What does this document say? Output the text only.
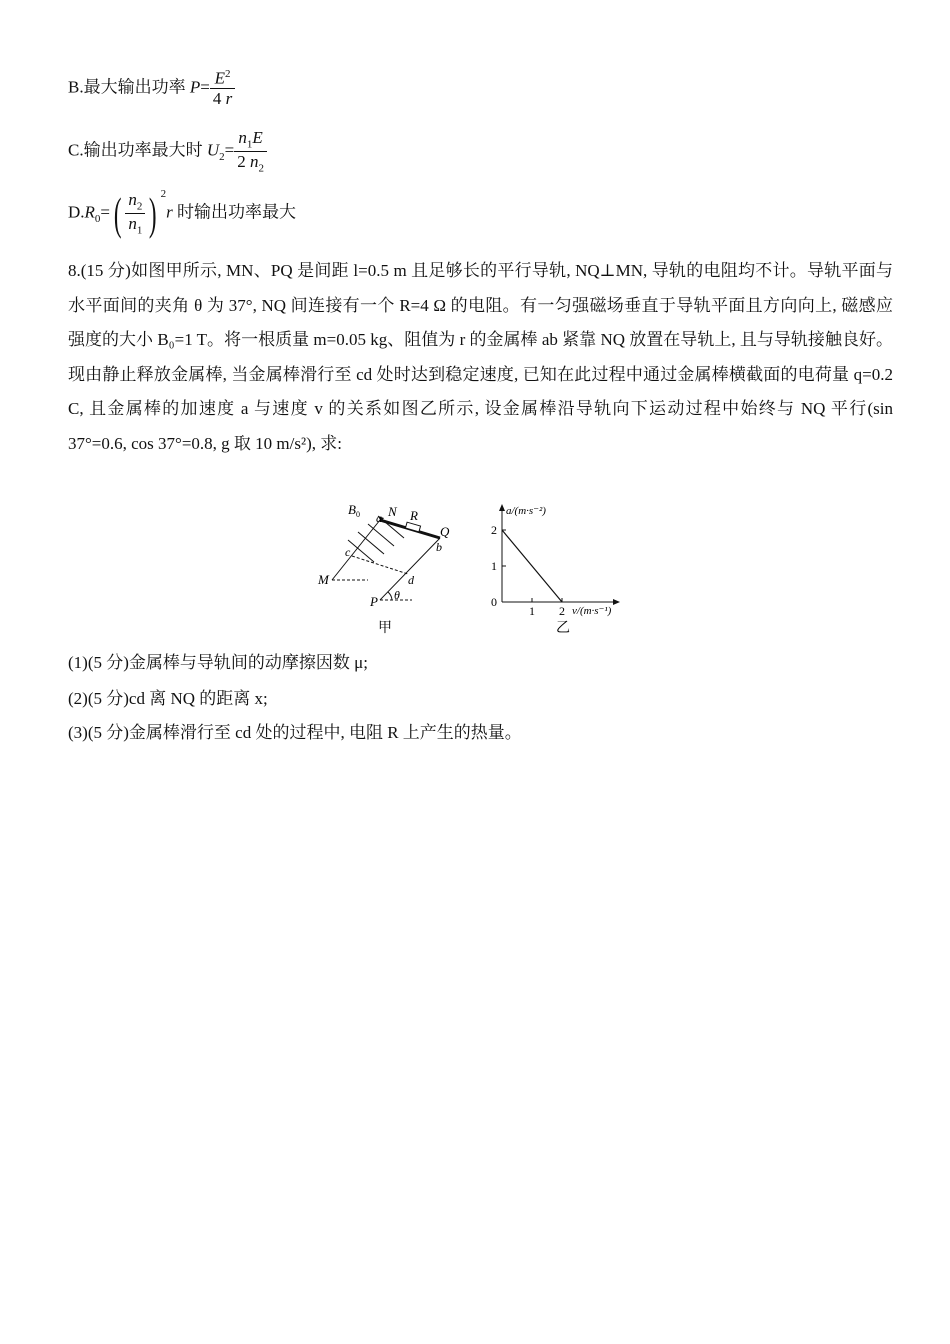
B.最大输出功率 $P= \frac{E^2}{4 r}$
C.输出功率最大时 $U_2= \frac{n_1E}{2 n_2}$
$D.R_0=( \frac{n_2}{n_1}$ ) $^2$r 时输出功率最大
8.(15 分)如图甲所示, MN、PQ 是间距 l=0.5 m 且足够长的平行导轨, NQ⊥MN, 导轨的电阻均不计。导轨平面与水平面间的夹角 θ 为 37°, NQ 间连接有一个 R=4 Ω 的电阻。有一匀强磁场垂直于导轨平面且方向向上, 磁感应强度的大小 B₀=1 T。将一根质量 m=0.05 kg、阻值为 r 的金属棒 ab 紧靠 NQ 放置在导轨上, 且与导轨接触良好。现由静止释放金属棒, 当金属棒滑行至 cd 处时达到稳定速度, 已知在此过程中通过金属棒横截面的电荷量 q=0.2 C, 且金属棒的加速度 a 与速度 v 的关系如图乙所示, 设金属棒沿导轨向下运动过程中始终与 NQ 平行(sin 37°=0.6, cos 37°=0.8, g 取 10 m/s²), 求:
$B_0$ a N R
Q
b
c
M	d
P θ
甲
a/(m·s⁻²)
v/(m·s⁻¹)
0
1
2
1 2
乙
(1)(5 分)金属棒与导轨间的动摩擦因数 μ;
(2)(5 分)cd 离 NQ 的距离 x;
(3)(5 分)金属棒滑行至 cd 处的过程中, 电阻 R 上产生的热量。
